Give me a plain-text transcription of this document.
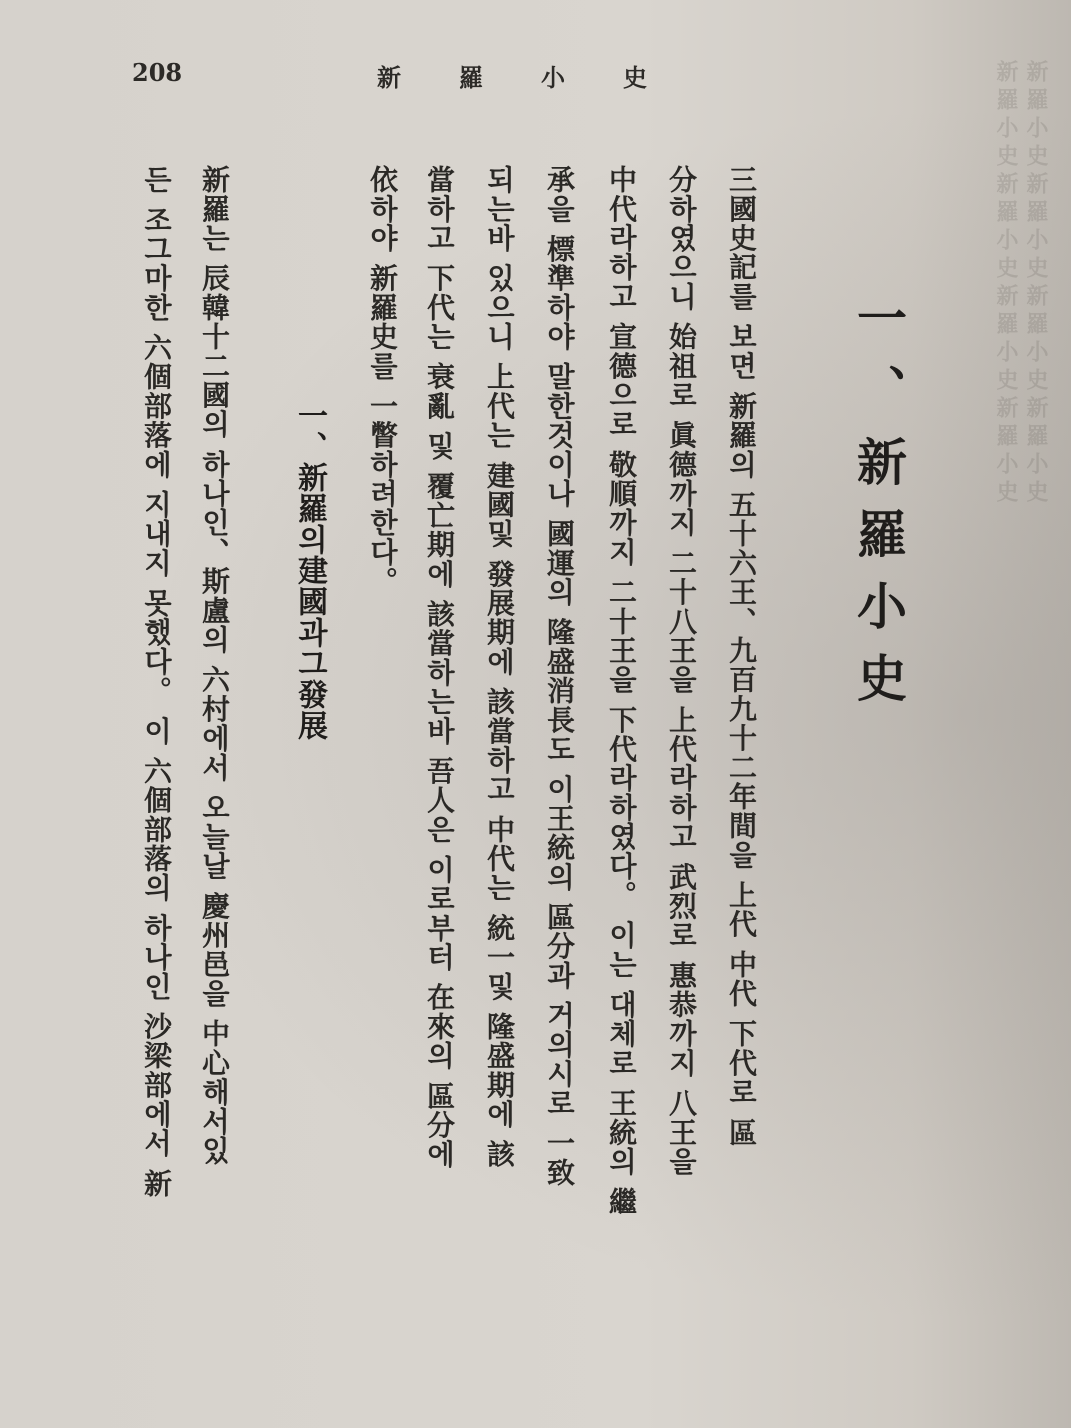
新羅小史新羅小史新羅小史新羅小史 新羅小史新羅小史新羅小史新羅小史
208	新羅小史
一、新羅小史
三國史記를 보면 新羅의 五十六王、九百九十二年間을 上代 中代 下代로 區
分하였으니 始祖로 眞德까지 二十八王을 上代라하고 武烈로 惠恭까지 八王을
中代라하고 宣德으로 敬順까지 二十王을 下代라하였다。 이는 대체로 王統의 繼
承을 標準하야 말한것이나 國運의 隆盛消長도 이王統의 區分과 거의시로 一致
되는바 있으니 上代는 建國및 發展期에 該當하고 中代는 統一및 隆盛期에 該
當하고 下代는 衰亂 및 覆亡期에 該當하는바 吾人은 이로부터 在來의 區分에
依하야 新羅史를 一瞥하려한다。
一、新羅의建國과그發展
新羅는 辰韓十二國의 하나인、斯盧의 六村에서 오늘날 慶州邑을 中心해서있
든 조그마한 六個部落에 지내지 못했다。 이 六個部落의 하나인 沙梁部에서 新
